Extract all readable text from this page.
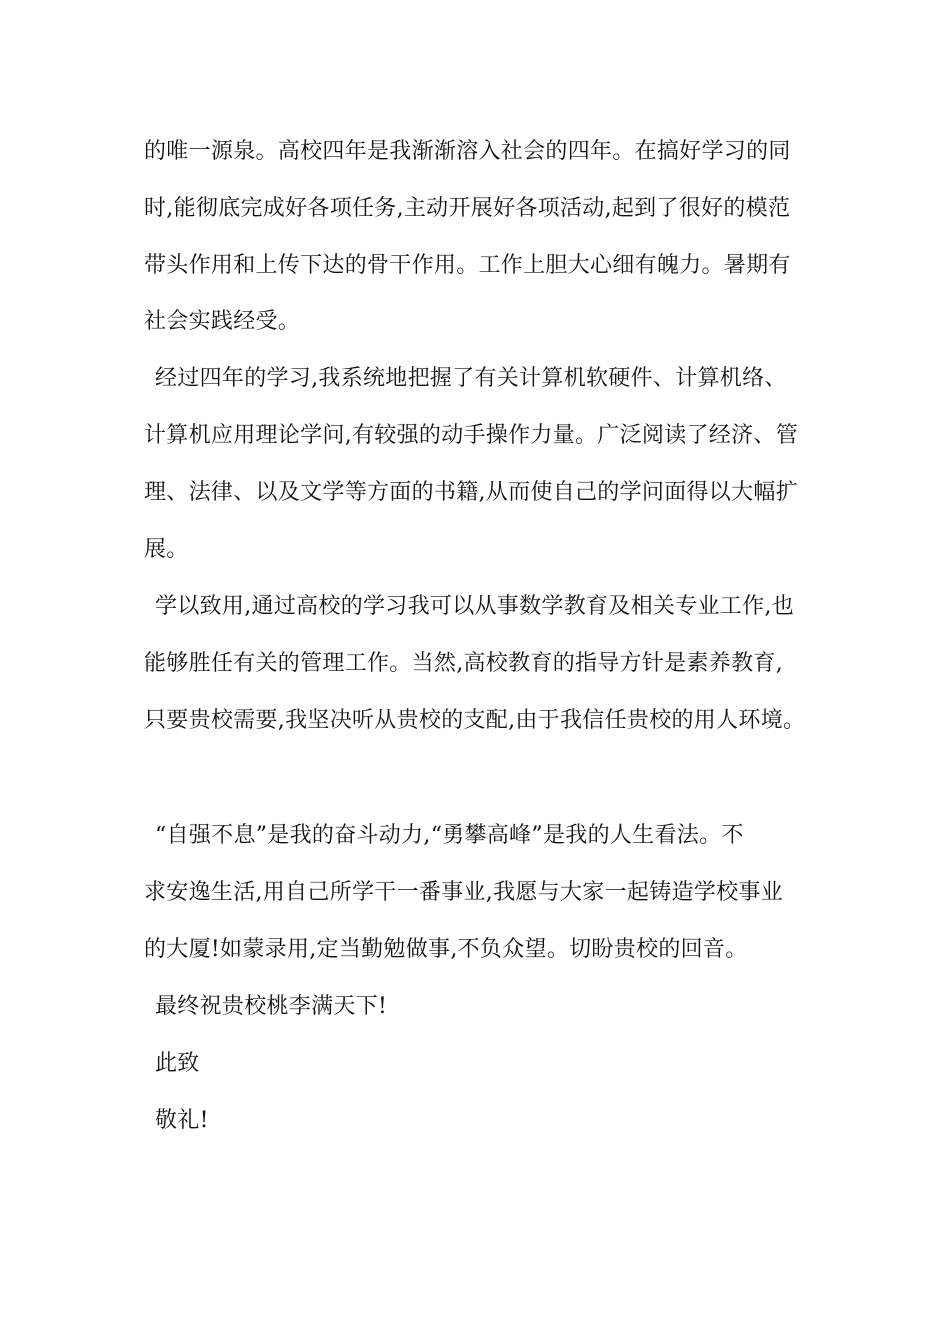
的唯一源泉。高校四年是我渐渐溶入社会的四年。在搞好学习的同
时,能彻底完成好各项任务,主动开展好各项活动,起到了很好的模范
带头作用和上传下达的骨干作用。工作上胆大心细有魄力。暑期有
社会实践经受。
经过四年的学习,我系统地把握了有关计算机软硬件、计算机络、
计算机应用理论学问,有较强的动手操作力量。广泛阅读了经济、管
理、法律、以及文学等方面的书籍,从而使自己的学问面得以大幅扩
展。
学以致用,通过高校的学习我可以从事数学教育及相关专业工作,也
能够胜任有关的管理工作。当然,高校教育的指导方针是素养教育,
只要贵校需要,我坚决听从贵校的支配,由于我信任贵校的用人环境。
“自强不息”是我的奋斗动力,“勇攀高峰”是我的人生看法。不
求安逸生活,用自己所学干一番事业,我愿与大家一起铸造学校事业
的大厦!如蒙录用,定当勤勉做事,不负众望。切盼贵校的回音。
最终祝贵校桃李满天下!
此致
敬礼!
